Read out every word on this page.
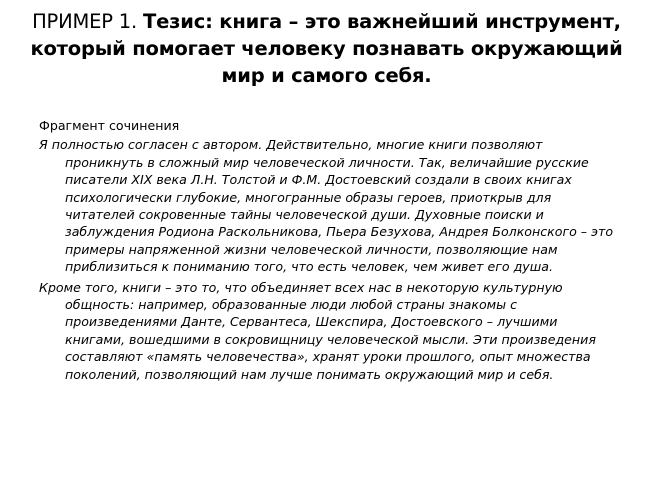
ПРИМЕР 1. Тезис: книга – это важнейший инструмент, который помогает человеку познавать окружающий мир и самого себя.
Фрагмент сочинения

Я полностью согласен с автором. Действительно, многие книги позволяют проникнуть в сложный мир человеческой личности. Так, величайшие русские писатели XIX века Л.Н. Толстой и Ф.М. Достоевский создали в своих книгах психологически глубокие, многогранные образы героев, приоткрыв для читателей сокровенные тайны человеческой души. Духовные поиски и заблуждения Родиона Раскольникова, Пьера Безухова, Андрея Болконского – это примеры напряженной жизни человеческой личности, позволяющие нам приблизиться к пониманию того, что есть человек, чем живет его душа.

Кроме того, книги – это то, что объединяет всех нас в некоторую культурную общность: например, образованные люди любой страны знакомы с произведениями Данте, Сервантеса, Шекспира, Достоевского – лучшими книгами, вошедшими в сокровищницу человеческой мысли. Эти произведения составляют «память человечества», хранят уроки прошлого, опыт множества поколений, позволяющий нам лучше понимать окружающий мир и себя.
